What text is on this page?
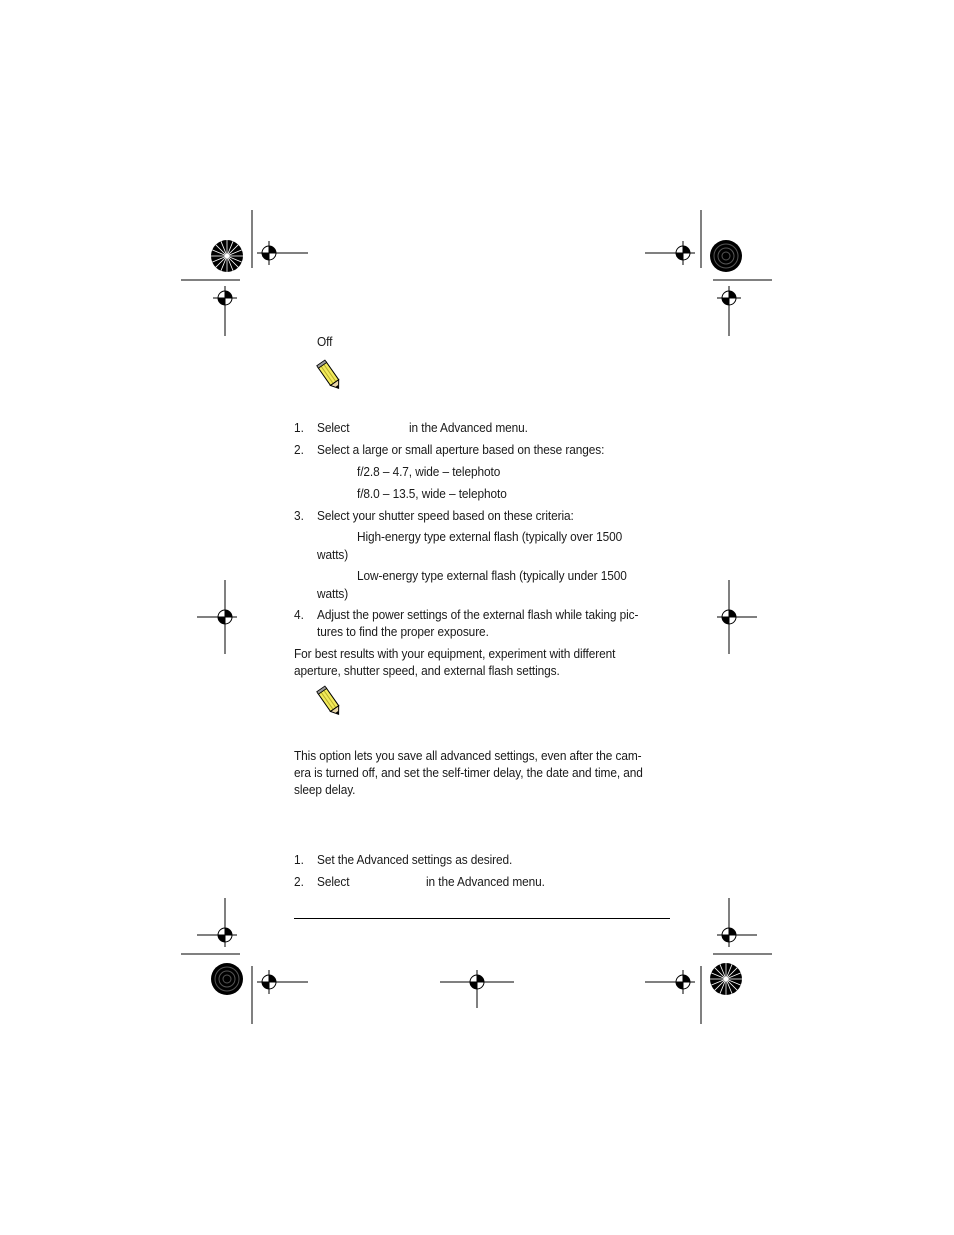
Off
1. Select	in the Advanced menu.
2. Select a large or small aperture based on these ranges:
f/2.8 – 4.7, wide – telephoto
f/8.0 – 13.5, wide – telephoto
3. Select your shutter speed based on these criteria:
High-energy type external flash (typically over 1500
watts)
Low-energy type external flash (typically under 1500
watts)
4. Adjust the power settings of the external flash while taking pic-
tures to find the proper exposure.
For best results with your equipment, experiment with different
aperture, shutter speed, and external flash settings.
This option lets you save all advanced settings, even after the cam-
era is turned off, and set the self-timer delay, the date and time, and
sleep delay.
1. Set the Advanced settings as desired.
2. Select	in the Advanced menu.
